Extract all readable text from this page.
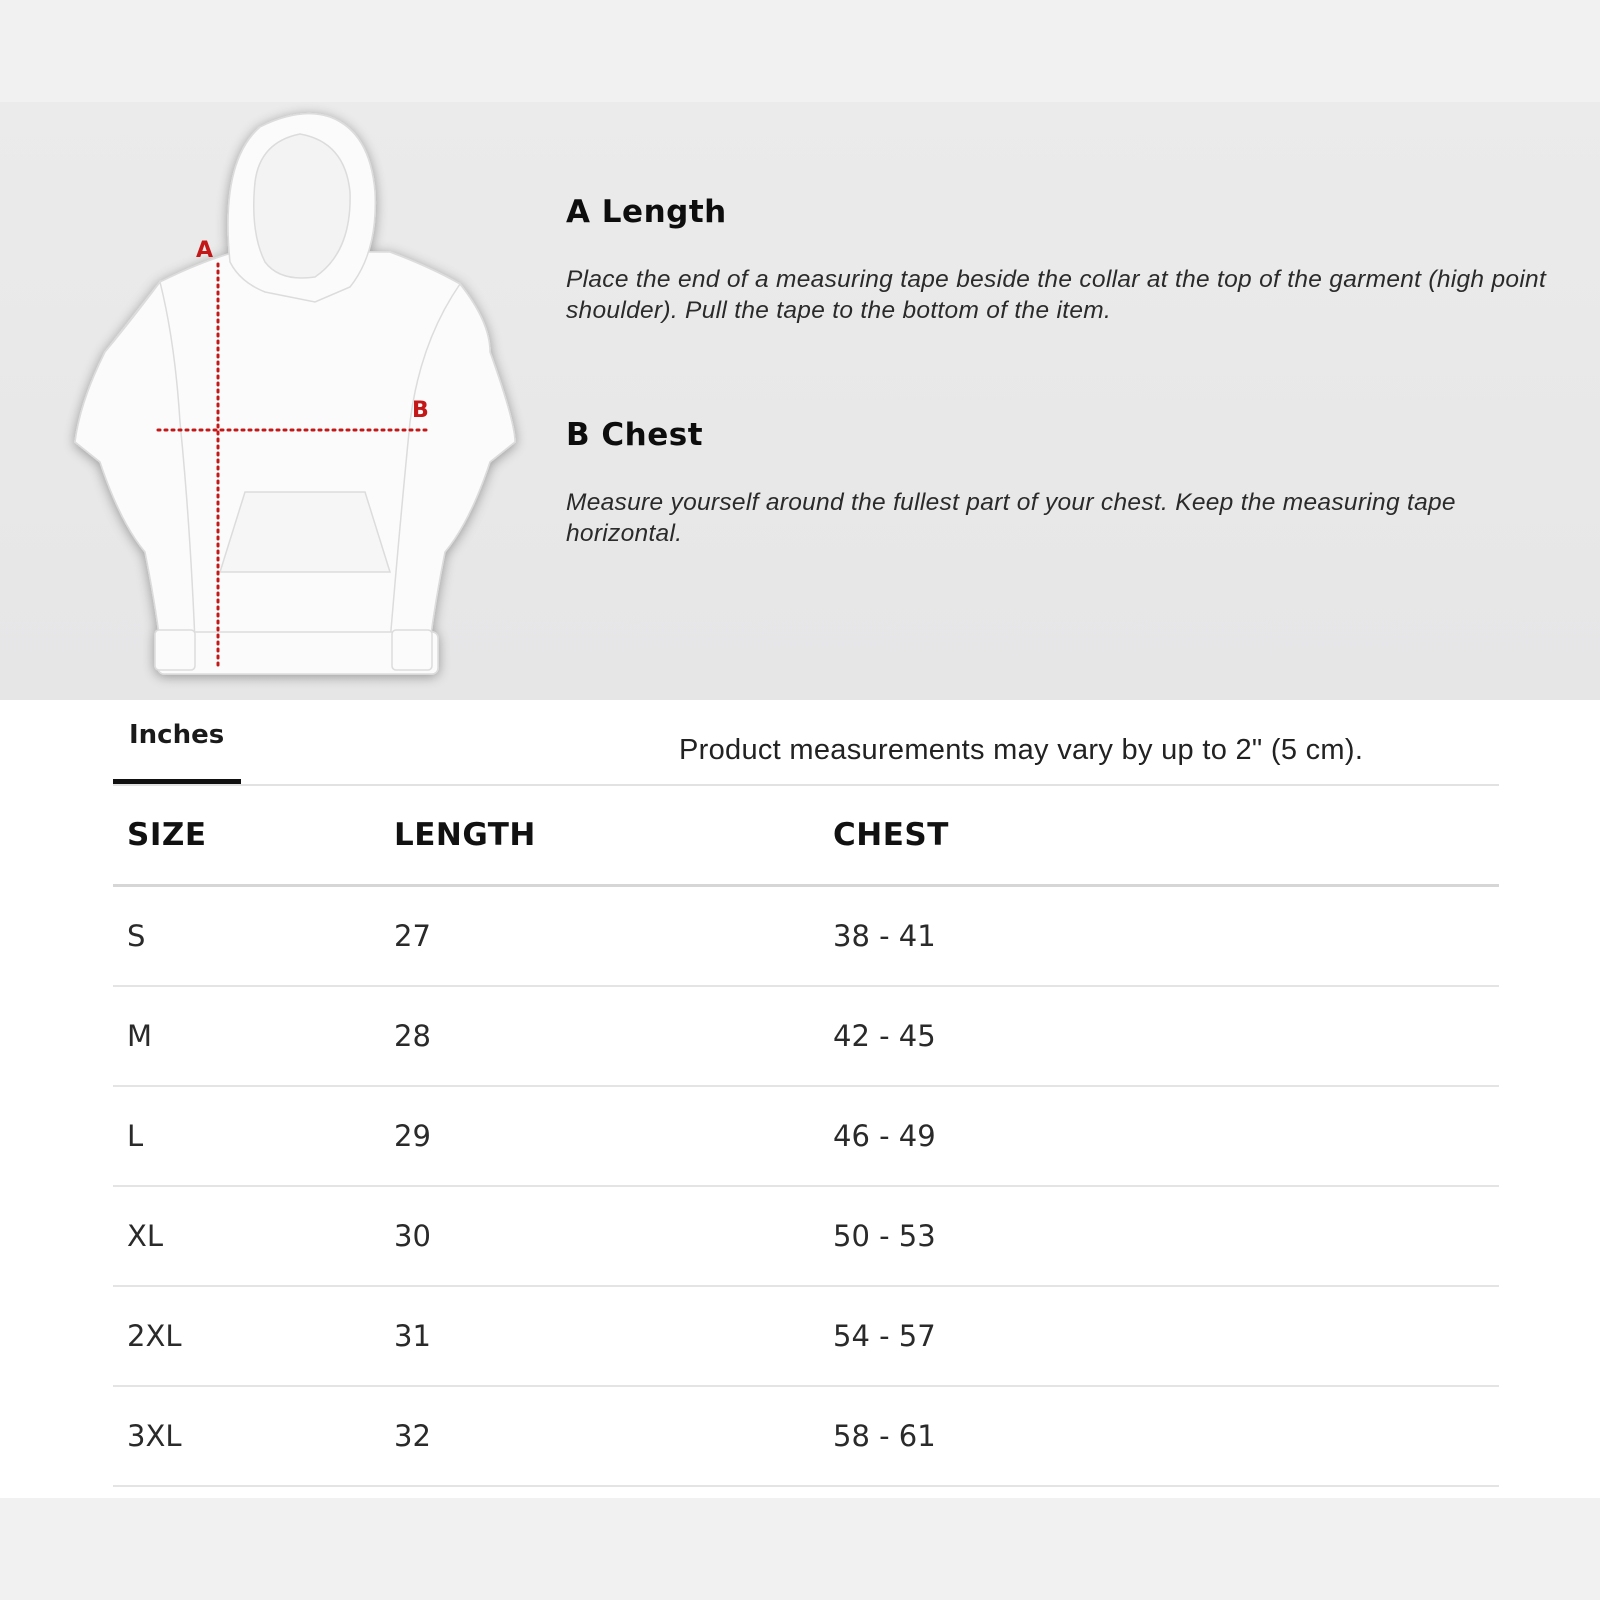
A
B
A Length

Place the end of a measuring tape beside the collar at the top of the garment (high point shoulder). Pull the tape to the bottom of the item.

B Chest

Measure yourself around the fullest part of your chest. Keep the measuring tape horizontal.

Inches	Product measurements may vary by up to 2" (5 cm).
SIZE	LENGTH	CHEST
S	27	38 - 41
M	28	42 - 45
L	29	46 - 49
XL	30	50 - 53
2XL	31	54 - 57
3XL	32	58 - 61
